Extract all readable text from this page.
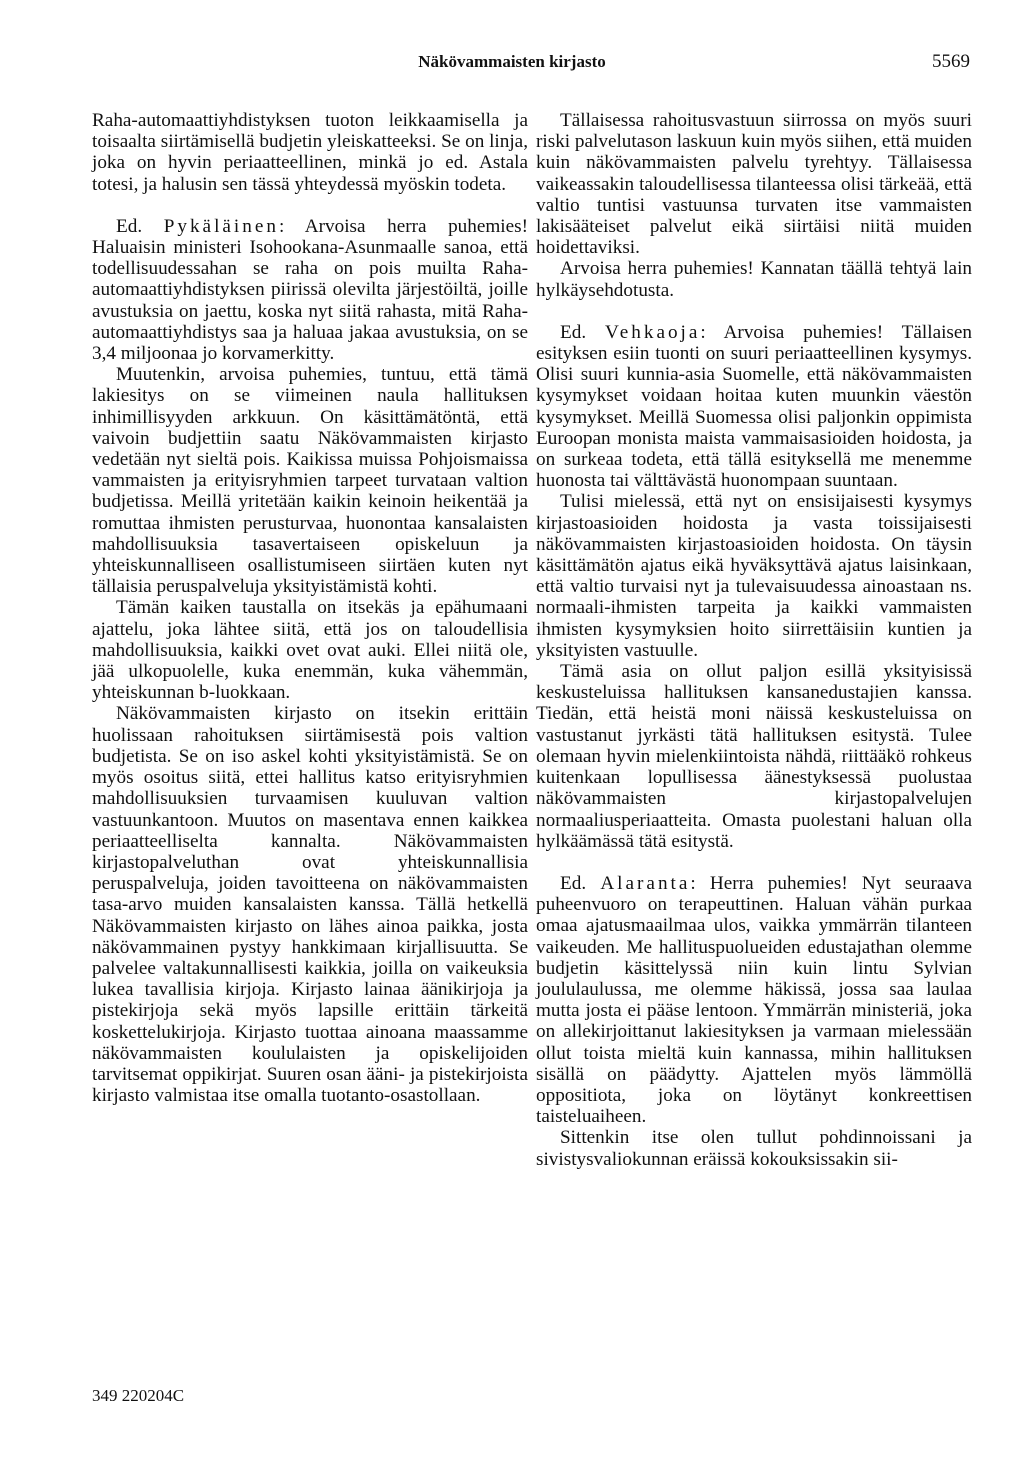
Näkövammaisten kirjasto	5569

Raha-automaattiyhdistyksen tuoton leikkaamisella ja toisaalta siirtämisellä budjetin yleiskatteeksi. Se on linja, joka on hyvin periaatteellinen, minkä jo ed. Astala totesi, ja halusin sen tässä yhteydessä myöskin todeta.

Ed. Pykäläinen: Arvoisa herra puhemies! Haluaisin ministeri Isohookana-Asunmaalle sanoa, että todellisuudessahan se raha on pois muilta Raha-automaattiyhdistyksen piirissä olevilta järjestöiltä, joille avustuksia on jaettu, koska nyt siitä rahasta, mitä Raha-automaattiyhdistys saa ja haluaa jakaa avustuksia, on se 3,4 miljoonaa jo korvamerkitty.

Muutenkin, arvoisa puhemies, tuntuu, että tämä lakiesitys on se viimeinen naula hallituksen inhimillisyyden arkkuun. On käsittämätöntä, että vaivoin budjettiin saatu Näkövammaisten kirjasto vedetään nyt sieltä pois. Kaikissa muissa Pohjoismaissa vammaisten ja erityisryhmien tarpeet turvataan valtion budjetissa. Meillä yritetään kaikin keinoin heikentää ja romuttaa ihmisten perusturvaa, huonontaa kansalaisten mahdollisuuksia tasavertaiseen opiskeluun ja yhteiskunnalliseen osallistumiseen siirtäen kuten nyt tällaisia peruspalveluja yksityistämistä kohti.

Tämän kaiken taustalla on itsekäs ja epähumaani ajattelu, joka lähtee siitä, että jos on taloudellisia mahdollisuuksia, kaikki ovet ovat auki. Ellei niitä ole, jää ulkopuolelle, kuka enemmän, kuka vähemmän, yhteiskunnan b-luokkaan.

Näkövammaisten kirjasto on itsekin erittäin huolissaan rahoituksen siirtämisestä pois valtion budjetista. Se on iso askel kohti yksityistämistä. Se on myös osoitus siitä, ettei hallitus katso erityisryhmien mahdollisuuksien turvaamisen kuuluvan valtion vastuunkantoon. Muutos on masentava ennen kaikkea periaatteelliselta kannalta. Näkövammaisten kirjastopalveluthan ovat yhteiskunnallisia peruspalveluja, joiden tavoitteena on näkövammaisten tasa-arvo muiden kansalaisten kanssa. Tällä hetkellä Näkövammaisten kirjasto on lähes ainoa paikka, josta näkövammainen pystyy hankkimaan kirjallisuutta. Se palvelee valtakunnallisesti kaikkia, joilla on vaikeuksia lukea tavallisia kirjoja. Kirjasto lainaa äänikirjoja ja pistekirjoja sekä myös lapsille erittäin tärkeitä koskettelukirjoja. Kirjasto tuottaa ainoana maassamme näkövammaisten koululaisten ja opiskelijoiden tarvitsemat oppikirjat. Suuren osan ääni- ja pistekirjoista kirjasto valmistaa itse omalla tuotanto-osastollaan.

Tällaisessa rahoitusvastuun siirrossa on myös suuri riski palvelutason laskuun kuin myös siihen, että muiden kuin näkövammaisten palvelu tyrehtyy. Tällaisessa vaikeassakin taloudellisessa tilanteessa olisi tärkeää, että valtio tuntisi vastuunsa turvaten itse vammaisten lakisääteiset palvelut eikä siirtäisi niitä muiden hoidettaviksi.

Arvoisa herra puhemies! Kannatan täällä tehtyä lain hylkäysehdotusta.

Ed. Vehkaoja: Arvoisa puhemies! Tällaisen esityksen esiin tuonti on suuri periaatteellinen kysymys. Olisi suuri kunnia-asia Suomelle, että näkövammaisten kysymykset voidaan hoitaa kuten muunkin väestön kysymykset. Meillä Suomessa olisi paljonkin oppimista Euroopan monista maista vammaisasioiden hoidosta, ja on surkeaa todeta, että tällä esityksellä me menemme huonosta tai välttävästä huonompaan suuntaan.

Tulisi mielessä, että nyt on ensisijaisesti kysymys kirjastoasioiden hoidosta ja vasta toissijaisesti näkövammaisten kirjastoasioiden hoidosta. On täysin käsittämätön ajatus eikä hyväksyttävä ajatus laisinkaan, että valtio turvaisi nyt ja tulevaisuudessa ainoastaan ns. normaali-ihmisten tarpeita ja kaikki vammaisten ihmisten kysymyksien hoito siirrettäisiin kuntien ja yksityisten vastuulle.

Tämä asia on ollut paljon esillä yksityisissä keskusteluissa hallituksen kansanedustajien kanssa. Tiedän, että heistä moni näissä keskusteluissa on vastustanut jyrkästi tätä hallituksen esitystä. Tulee olemaan hyvin mielenkiintoista nähdä, riittääkö rohkeus kuitenkaan lopullisessa äänestyksessä puolustaa näkövammaisten kirjastopalvelujen normaaliusperiaatteita. Omasta puolestani haluan olla hylkäämässä tätä esitystä.

Ed. Alaranta: Herra puhemies! Nyt seuraava puheenvuoro on terapeuttinen. Haluan vähän purkaa omaa ajatusmaailmaa ulos, vaikka ymmärrän tilanteen vaikeuden. Me hallituspuolueiden edustajathan olemme budjetin käsittelyssä niin kuin lintu Sylvian joululaulussa, me olemme häkissä, jossa saa laulaa mutta josta ei pääse lentoon. Ymmärrän ministeriä, joka on allekirjoittanut lakiesityksen ja varmaan mielessään ollut toista mieltä kuin kannassa, mihin hallituksen sisällä on päädytty. Ajattelen myös lämmöllä oppositiota, joka on löytänyt konkreettisen taisteluaiheen.

Sittenkin itse olen tullut pohdinnoissani ja sivistysvaliokunnan eräissä kokouksissakin sii-

349 220204C
